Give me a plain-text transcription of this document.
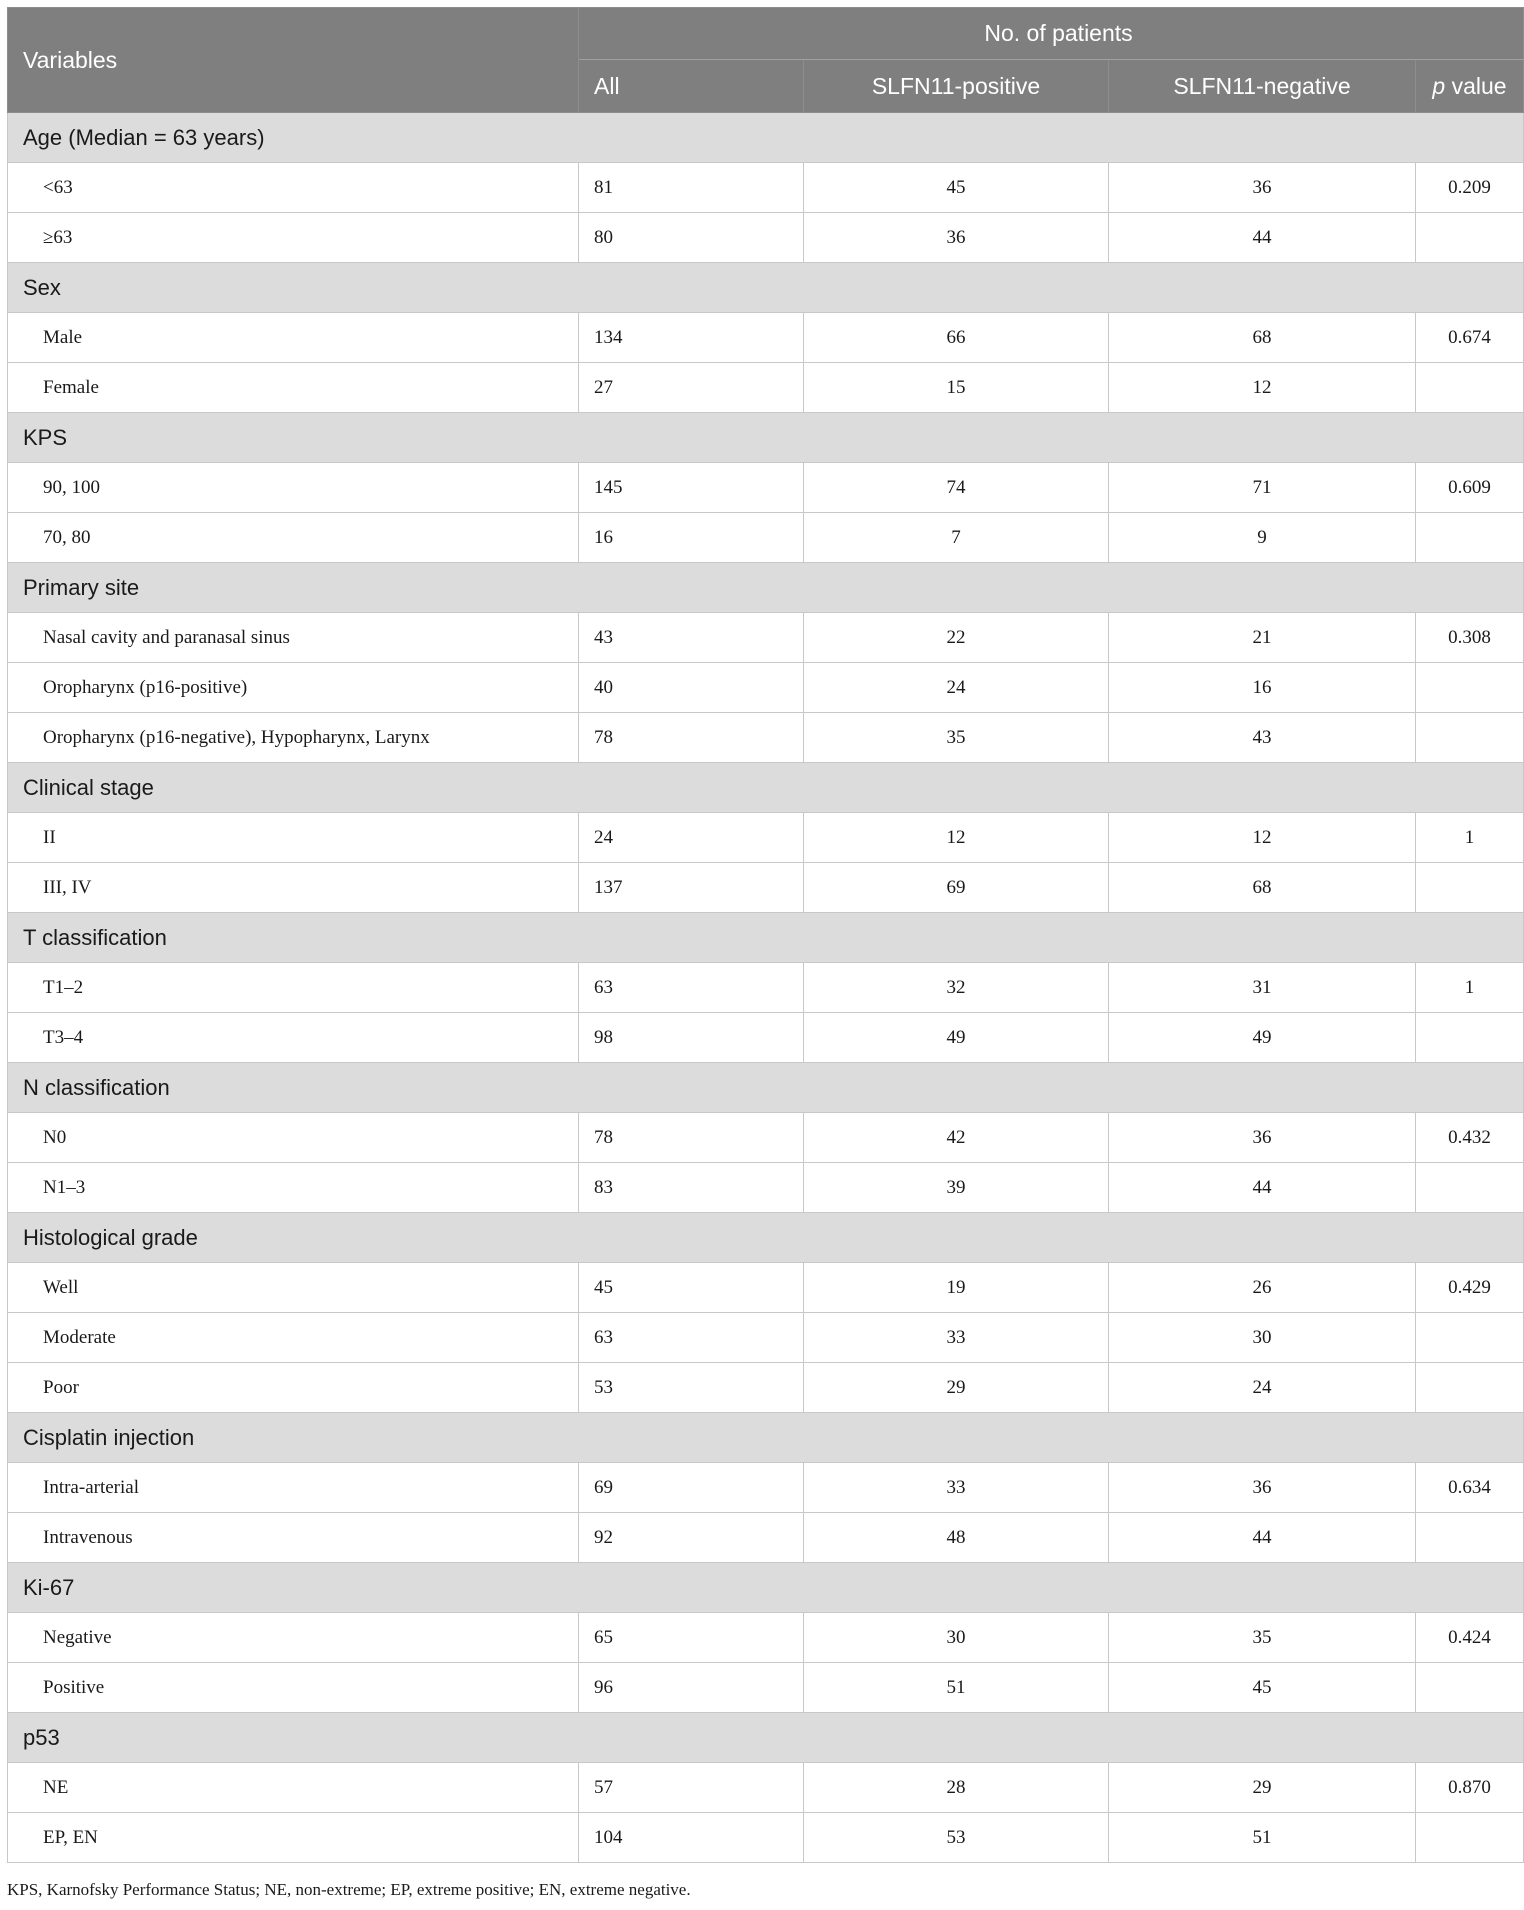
Variables	No. of patients			
	All	SLFN11-positive	SLFN11-negative	p value
Age (Median = 63 years)				
<63	81	45	36	0.209
≥63	80	36	44	
Sex				
Male	134	66	68	0.674
Female	27	15	12	
KPS				
90, 100	145	74	71	0.609
70, 80	16	7	9	
Primary site				
Nasal cavity and paranasal sinus	43	22	21	0.308
Oropharynx (p16-positive)	40	24	16	
Oropharynx (p16-negative), Hypopharynx, Larynx	78	35	43	
Clinical stage				
II	24	12	12	1
III, IV	137	69	68	
T classification				
T1–2	63	32	31	1
T3–4	98	49	49	
N classification				
N0	78	42	36	0.432
N1–3	83	39	44	
Histological grade				
Well	45	19	26	0.429
Moderate	63	33	30	
Poor	53	29	24	
Cisplatin injection				
Intra-arterial	69	33	36	0.634
Intravenous	92	48	44	
Ki-67				
Negative	65	30	35	0.424
Positive	96	51	45	
p53				
NE	57	28	29	0.870
EP, EN	104	53	51	
KPS, Karnofsky Performance Status; NE, non-extreme; EP, extreme positive; EN, extreme negative.
